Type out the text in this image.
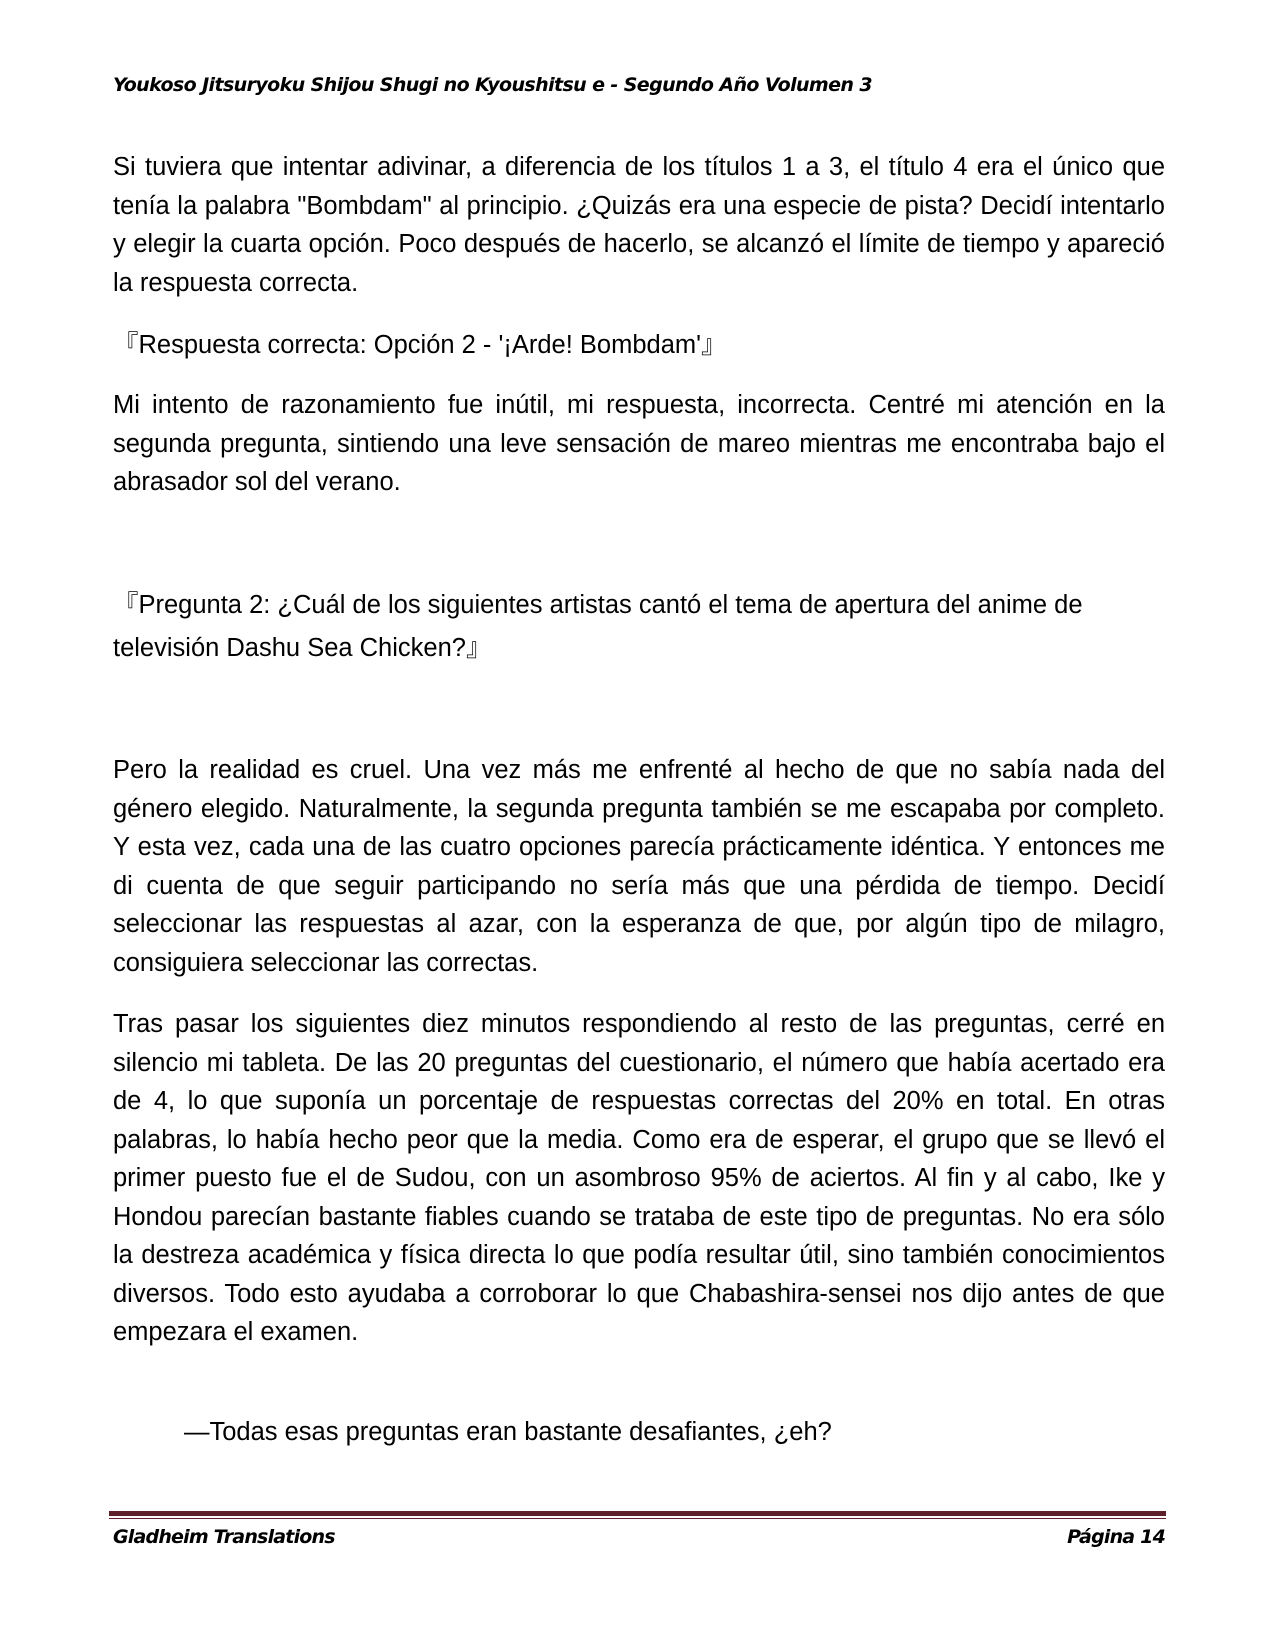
Youkoso Jitsuryoku Shijou Shugi no Kyoushitsu e - Segundo Año Volumen 3

Si tuviera que intentar adivinar, a diferencia de los títulos 1 a 3, el título 4 era el único que tenía la palabra "Bombdam" al principio. ¿Quizás era una especie de pista? Decidí intentarlo y elegir la cuarta opción. Poco después de hacerlo, se alcanzó el límite de tiempo y apareció la respuesta correcta.

『Respuesta correcta: Opción 2 - '¡Arde! Bombdam'』

Mi intento de razonamiento fue inútil, mi respuesta, incorrecta. Centré mi atención en la segunda pregunta, sintiendo una leve sensación de mareo mientras me encontraba bajo el abrasador sol del verano.

『Pregunta 2: ¿Cuál de los siguientes artistas cantó el tema de apertura del anime de televisión Dashu Sea Chicken?』

Pero la realidad es cruel. Una vez más me enfrenté al hecho de que no sabía nada del género elegido. Naturalmente, la segunda pregunta también se me escapaba por completo. Y esta vez, cada una de las cuatro opciones parecía prácticamente idéntica. Y entonces me di cuenta de que seguir participando no sería más que una pérdida de tiempo. Decidí seleccionar las respuestas al azar, con la esperanza de que, por algún tipo de milagro, consiguiera seleccionar las correctas.

Tras pasar los siguientes diez minutos respondiendo al resto de las preguntas, cerré en silencio mi tableta. De las 20 preguntas del cuestionario, el número que había acertado era de 4, lo que suponía un porcentaje de respuestas correctas del 20% en total. En otras palabras, lo había hecho peor que la media. Como era de esperar, el grupo que se llevó el primer puesto fue el de Sudou, con un asombroso 95% de aciertos. Al fin y al cabo, Ike y Hondou parecían bastante fiables cuando se trataba de este tipo de preguntas. No era sólo la destreza académica y física directa lo que podía resultar útil, sino también conocimientos diversos. Todo esto ayudaba a corroborar lo que Chabashira-sensei nos dijo antes de que empezara el examen.

—Todas esas preguntas eran bastante desafiantes, ¿eh?

Gladheim Translations	Página 14
